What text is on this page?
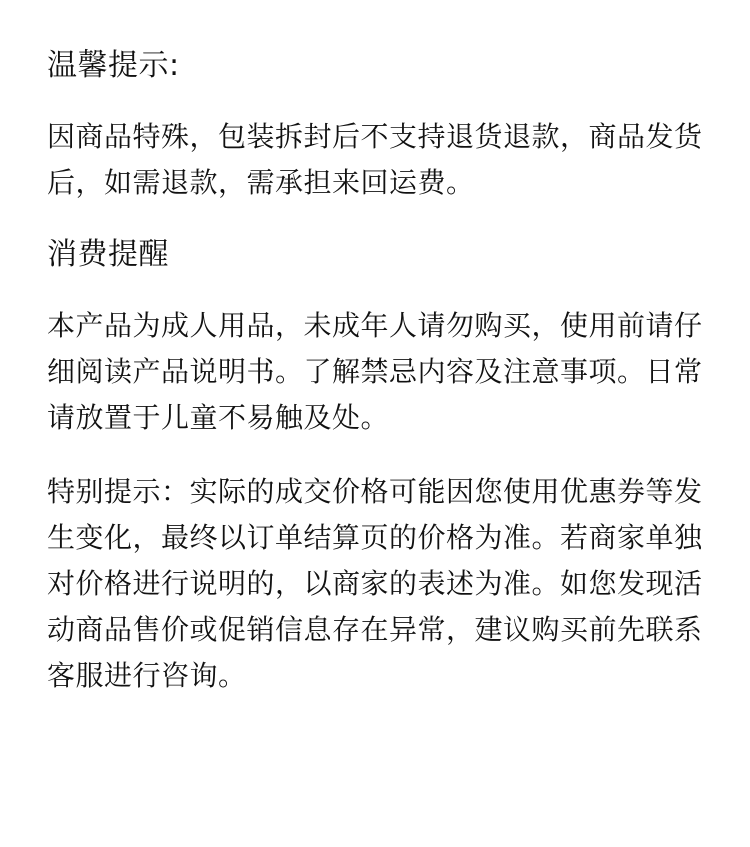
温馨提示:

因商品特殊，包装拆封后不支持退货退款，商品发货后，如需退款，需承担来回运费。

消费提醒

本产品为成人用品，未成年人请勿购买，使用前请仔细阅读产品说明书。了解禁忌内容及注意事项。日常请放置于儿童不易触及处。

特别提示：实际的成交价格可能因您使用优惠券等发生变化，最终以订单结算页的价格为准。若商家单独对价格进行说明的，以商家的表述为准。如您发现活动商品售价或促销信息存在异常，建议购买前先联系客服进行咨询。
